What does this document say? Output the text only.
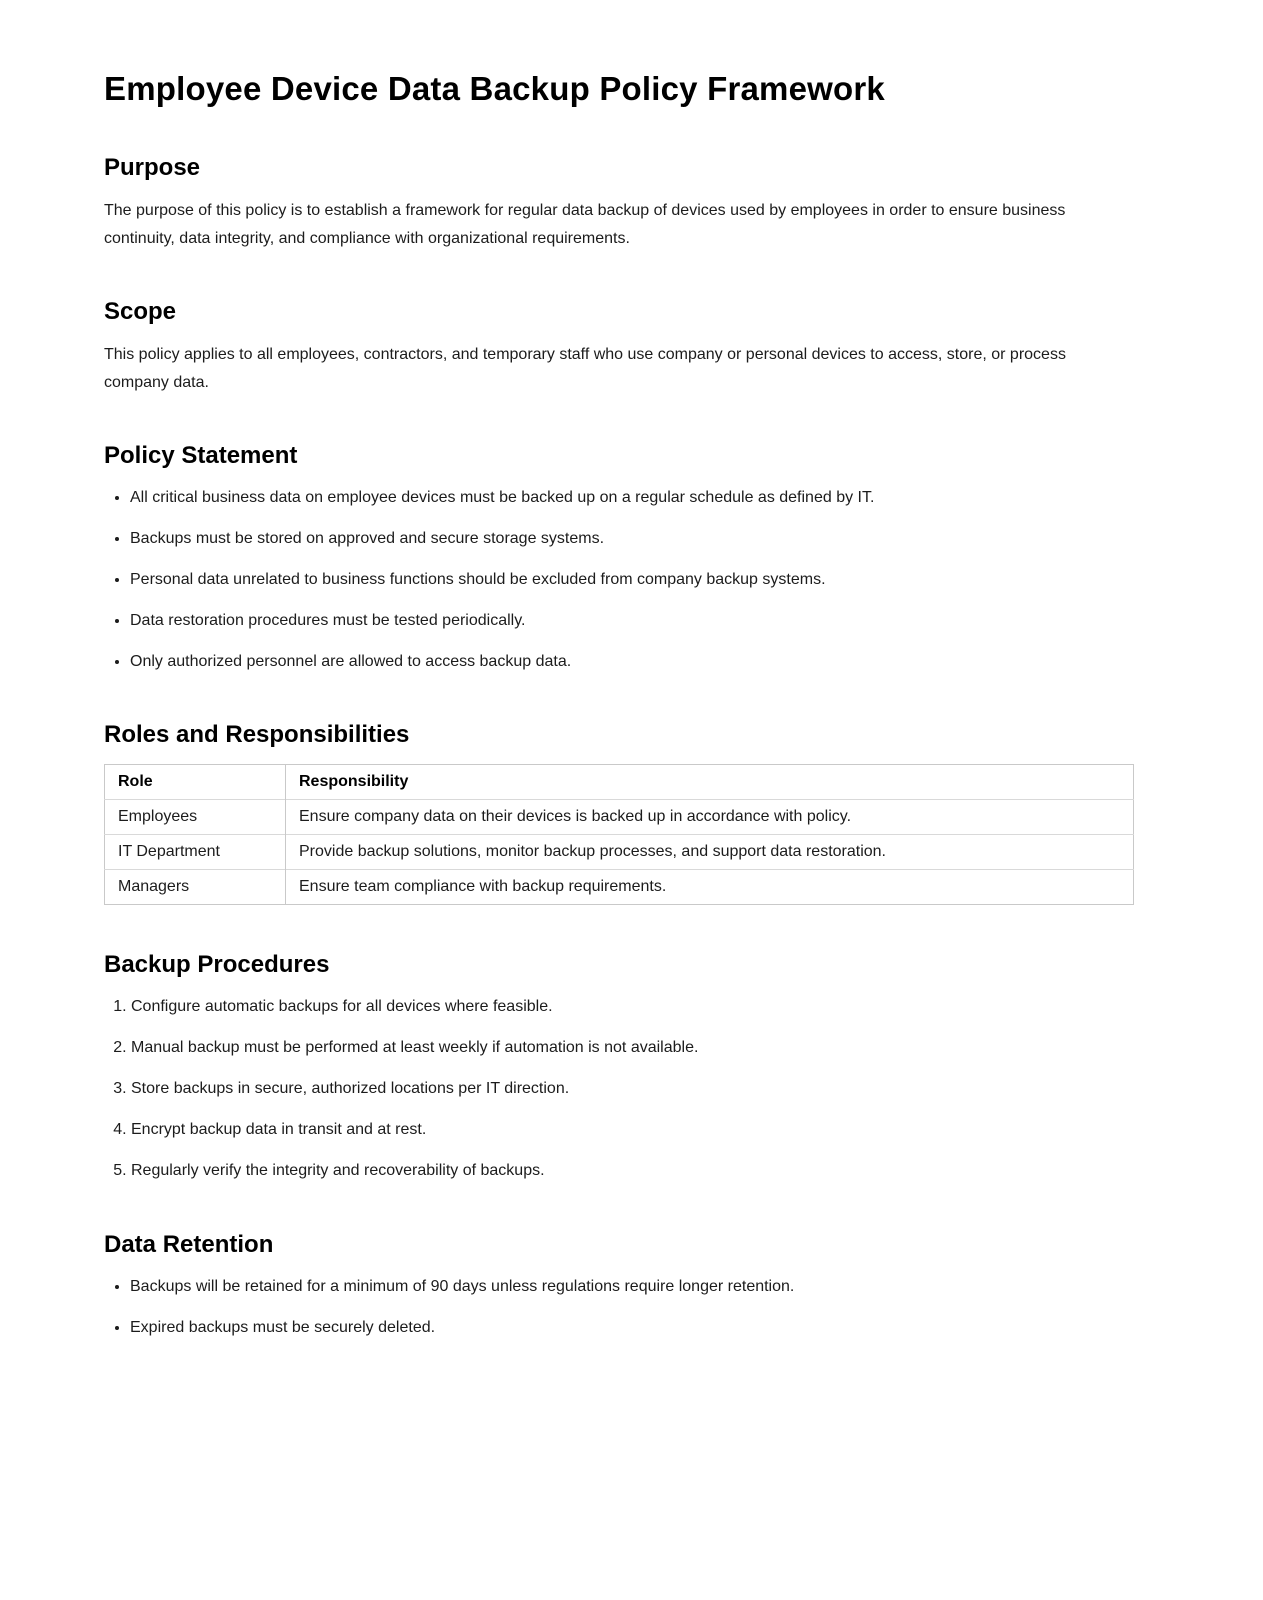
Employee Device Data Backup Policy Framework
Purpose

The purpose of this policy is to establish a framework for regular data backup of devices used by employees in order to ensure business continuity, data integrity, and compliance with organizational requirements.

Scope

This policy applies to all employees, contractors, and temporary staff who use company or personal devices to access, store, or process company data.

Policy Statement
• All critical business data on employee devices must be backed up on a regular schedule as defined by IT.
• Backups must be stored on approved and secure storage systems.
• Personal data unrelated to business functions should be excluded from company backup systems.
• Data restoration procedures must be tested periodically.
• Only authorized personnel are allowed to access backup data.
Roles and Responsibilities
Role	Responsibility
Employees	Ensure company data on their devices is backed up in accordance with policy.
IT Department	Provide backup solutions, monitor backup processes, and support data restoration.
Managers	Ensure team compliance with backup requirements.
Backup Procedures
1. Configure automatic backups for all devices where feasible.
2. Manual backup must be performed at least weekly if automation is not available.
3. Store backups in secure, authorized locations per IT direction.
4. Encrypt backup data in transit and at rest.
5. Regularly verify the integrity and recoverability of backups.
Data Retention
• Backups will be retained for a minimum of 90 days unless regulations require longer retention.
• Expired backups must be securely deleted.
